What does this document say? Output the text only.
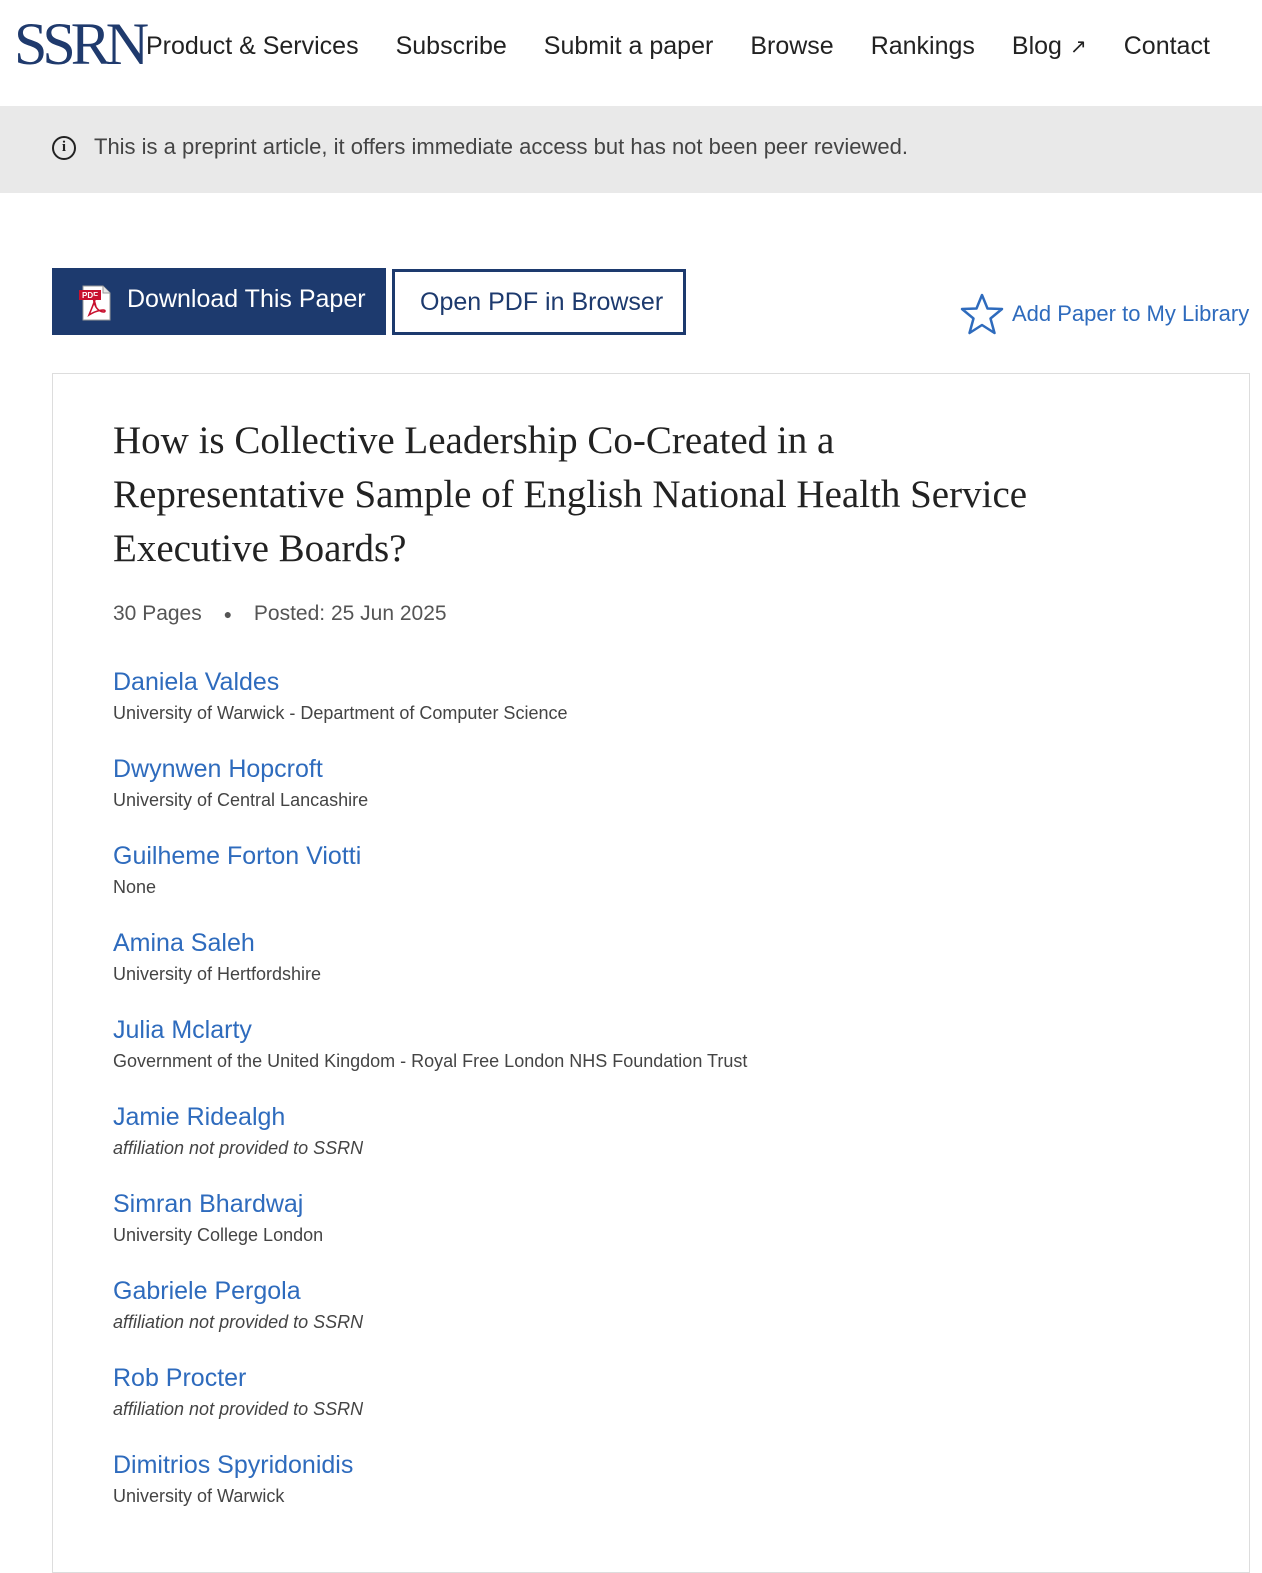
SSRN Product & Services Subscribe Submit a paper Browse Rankings Blog ↗ Contact
i	This is a preprint article, it offers immediate access but has not been peer reviewed.
PDF Download This Paper Open PDF in Browser	Add Paper to My Library
How is Collective Leadership Co-Created in a Representative Sample of English National Health Service Executive Boards?
30 Pages ● Posted: 25 Jun 2025
Daniela Valdes
University of Warwick - Department of Computer Science
Dwynwen Hopcroft
University of Central Lancashire
Guilheme Forton Viotti
None
Amina Saleh
University of Hertfordshire
Julia Mclarty
Government of the United Kingdom - Royal Free London NHS Foundation Trust
Jamie Ridealgh
affiliation not provided to SSRN
Simran Bhardwaj
University College London
Gabriele Pergola
affiliation not provided to SSRN
Rob Procter
affiliation not provided to SSRN
Dimitrios Spyridonidis
University of Warwick
